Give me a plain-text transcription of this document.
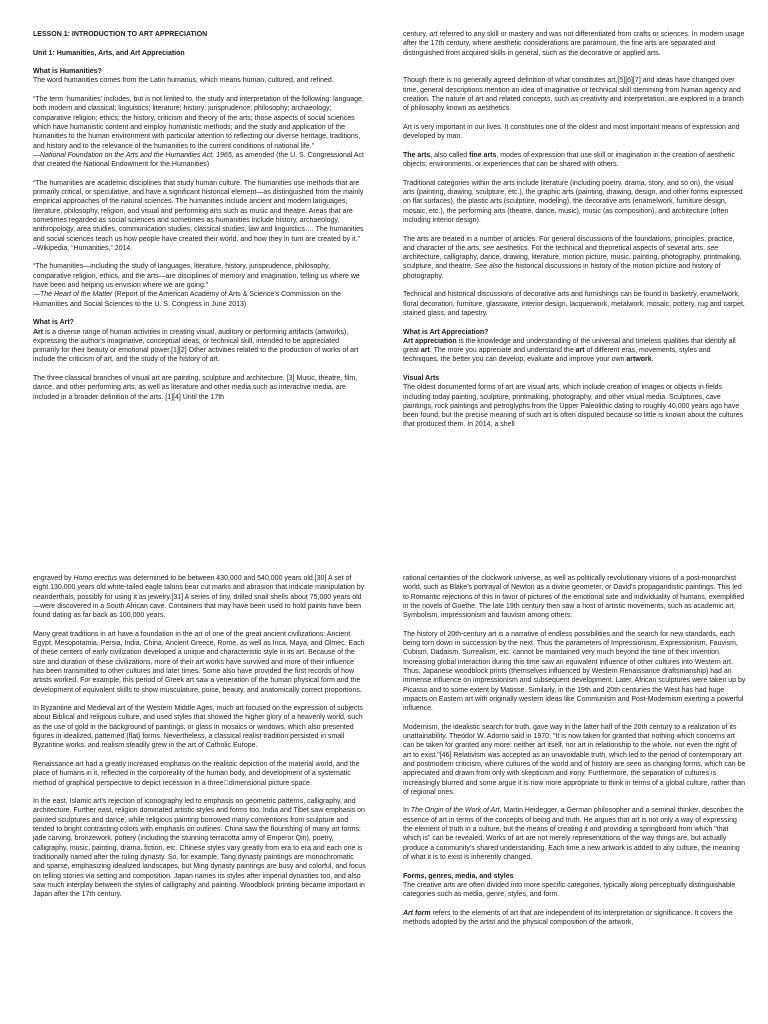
LESSON 1: INTRODUCTION TO ART APPRECIATION
Unit 1: Humanities, Arts, and Art Appreciation
What is Humanities?

The word humanities comes from the Latin humanus, which means human, cultured, and refined.

“The term ‘humanities’ includes, but is not limited to, the study and interpretation of the following: language, both modern and classical; linguistics; literature; history; jurisprudence; philosophy; archaeology; comparative religion; ethics; the history, criticism and theory of the arts; those aspects of social sciences which have humanistic content and employ humanistic methods; and the study and application of the humanities to the human environment with particular attention to reflecting our diverse heritage, traditions, and history and to the relevance of the humanities to the current conditions of national life.”
—National Foundation on the Arts and the Humanities Act, 1965, as amended (the U. S. Congressional Act that created the National Endowment for the Humanities)

“The humanities are academic disciplines that study human culture. The humanities use methods that are primarily critical, or speculative, and have a significant historical element—as distinguished from the mainly empirical approaches of the natural sciences. The humanities include ancient and modern languages, literature, philosophy, religion, and visual and performing arts such as music and theatre. Areas that are sometimes regarded as social sciences and sometimes as humanities include history, archaeology, anthropology, area studies, communication studies, classical studies, law and linguistics…. The humanities and social sciences teach us how people have created their world, and how they in turn are created by it.”
–Wikipedia, “Humanities,” 2014.

“The humanities—including the study of languages, literature, history, jurisprudence, philosophy, comparative religion, ethics, and the arts—are disciplines of memory and imagination, telling us where we have been and helping us envision where we are going.”
—The Heart of the Matter (Report of the American Academy of Arts & Science’s Commission on the Humanities and Social Sciences to the U. S. Congress in June 2013)

What is Art?

Art is a diverse range of human activities in creating visual, auditory or performing artifacts (artworks), expressing the author's imaginative, conceptual ideas, or technical skill, intended to be appreciated primarily for their beauty or emotional power.[1][2] Other activities related to the production of works of art include the criticism of art, and the study of the history of art.

The three classical branches of visual art are painting, sculpture and architecture. [3] Music, theatre, film, dance, and other performing arts, as well as literature and other media such as interactive media, are included in a broader definition of the arts. [1][4] Until the 17th

century, art referred to any skill or mastery and was not differentiated from crafts or sciences. In modern usage after the 17th century, where aesthetic considerations are paramount, the fine arts are separated and distinguished from acquired skills in general, such as the decorative or applied arts.

Though there is no generally agreed definition of what constitutes art,[5][6][7] and ideas have changed over time, general descriptions mention an idea of imaginative or technical skill stemming from human agency and creation. The nature of art and related concepts, such as creativity and interpretation, are explored in a branch of philosophy known as aesthetics.

Art is very important in our lives. It constitutes one of the oldest and most important means of expression and developed by man.

The arts, also called fine arts, modes of expression that use skill or imagination in the creation of aesthetic objects, environments, or experiences that can be shared with others.

Traditional categories within the arts include literature (including poetry, drama, story, and so on), the visual arts (painting, drawing, sculpture, etc.), the graphic arts (painting, drawing, design, and other forms expressed on flat surfaces), the plastic arts (sculpture, modeling), the decorative arts (enamelwork, furniture design, mosaic, etc.), the performing arts (theatre, dance, music), music (as composition), and architecture (often including interior design).

The arts are treated in a number of articles. For general discussions of the foundations, principles, practice, and character of the arts, see aesthetics. For the technical and theoretical aspects of several arts, see architecture, calligraphy, dance, drawing, literature, motion picture, music, painting, photography, printmaking, sculpture, and theatre. See also the historical discussions in history of the motion picture and history of photography.

Technical and historical discussions of decorative arts and furnishings can be found in basketry, enamelwork, floral decoration, furniture, glassware, interior design, lacquerwork, metalwork, mosaic, pottery, rug and carpet, stained glass, and tapestry.

What is Art Appreciation?

Art appreciation is the knowledge and understanding of the universal and timeless qualities that identify all great art. The more you appreciate and understand the art of different eras, movements, styles and techniques, the better you can develop, evaluate and improve your own artwork.

Visual Arts

The oldest documented forms of art are visual arts, which include creation of images or objects in fields including today painting, sculpture, printmaking, photography, and other visual media. Sculptures, cave paintings, rock paintings and petroglyphs from the Upper Paleolithic dating to roughly 40,000 years ago have been found, but the precise meaning of such art is often disputed because so little is known about the cultures that produced them. In 2014, a shell

engraved by Homo erectus was determined to be between 430,000 and 540,000 years old.[30] A set of eight 130,000 years old white-tailed eagle talons bear cut marks and abrasion that indicate manipulation by neanderthals, possibly for using it as jewelry.[31] A series of tiny, drilled snail shells about 75,000 years old—were discovered in a South African cave. Containers that may have been used to hold paints have been found dating as far back as 100,000 years.

Many great traditions in art have a foundation in the art of one of the great ancient civilizations: Ancient Egypt, Mesopotamia, Persia, India, China, Ancient Greece, Rome, as well as Inca, Maya, and Olmec. Each of these centers of early civilization developed a unique and characteristic style in its art. Because of the size and duration of these civilizations, more of their art works have survived and more of their influence has been transmitted to other cultures and later times. Some also have provided the first records of how artists worked. For example, this period of Greek art saw a veneration of the human physical form and the development of equivalent skills to show musculature, poise, beauty, and anatomically correct proportions.

In Byzantine and Medieval art of the Western Middle Ages, much art focused on the expression of subjects about Biblical and religious culture, and used styles that showed the higher glory of a heavenly world, such as the use of gold in the background of paintings, or glass in mosaics or windows, which also presented figures in idealized, patterned (flat) forms. Nevertheless, a classical realist tradition persisted in small Byzantine works, and realism steadily grew in the art of Catholic Europe.

Renaissance art had a greatly increased emphasis on the realistic depiction of the material world, and the place of humans in it, reflected in the corporeality of the human body, and development of a systematic method of graphical perspective to depict recession in a three￾dimensional picture space.

In the east, Islamic art's rejection of iconography led to emphasis on geometric patterns, calligraphy, and architecture. Further east, religion dominated artistic styles and forms too. India and Tibet saw emphasis on painted sculptures and dance, while religious painting borrowed many conventions from sculpture and tended to bright contrasting colors with emphasis on outlines. China saw the flourishing of many art forms: jade carving, bronzework, pottery (including the stunning terracotta army of Emperor Qin), poetry, calligraphy, music, painting, drama, fiction, etc. Chinese styles vary greatly from era to era and each one is traditionally named after the ruling dynasty. So, for example, Tang dynasty paintings are monochromatic and sparse, emphasizing idealized landscapes, but Ming dynasty paintings are busy and colorful, and focus on telling stories via setting and composition. Japan names its styles after imperial dynasties too, and also saw much interplay between the styles of calligraphy and painting. Woodblock printing became important in Japan after the 17th century.

rational certainties of the clockwork universe, as well as politically revolutionary visions of a post-monarchist world, such as Blake's portrayal of Newton as a divine geometer, or David's propagandistic paintings. This led to Romantic rejections of this in favor of pictures of the emotional side and individuality of humans, exemplified in the novels of Goethe. The late 19th century then saw a host of artistic movements, such as academic art, Symbolism, impressionism and fauvism among others.

The history of 20th-century art is a narrative of endless possibilities and the search for new standards, each being torn down in succession by the next. Thus the parameters of Impressionism, Expressionism, Fauvism, Cubism, Dadaism, Surrealism, etc. cannot be maintained very much beyond the time of their invention. Increasing global interaction during this time saw an equivalent influence of other cultures into Western art. Thus, Japanese woodblock prints (themselves influenced by Western Renaissance draftsmanship) had an immense influence on impressionism and subsequent development. Later, African sculptures were taken up by Picasso and to some extent by Matisse. Similarly, in the 19th and 20th centuries the West has had huge impacts on Eastern art with originally western ideas like Communism and Post-Modernism exerting a powerful influence.

Modernism, the idealistic search for truth, gave way in the latter half of the 20th century to a realization of its unattainability. Theodor W. Adorno said in 1970, "It is now taken for granted that nothing which concerns art can be taken for granted any more: neither art itself, nor art in relationship to the whole, nor even the right of art to exist."[46] Relativism was accepted as an unavoidable truth, which led to the period of contemporary art and postmodern criticism, where cultures of the world and of history are seen as changing forms, which can be appreciated and drawn from only with skepticism and irony. Furthermore, the separation of cultures is increasingly blurred and some argue it is now more appropriate to think in terms of a global culture, rather than of regional ones.

In The Origin of the Work of Art, Martin Heidegger, a German philosopher and a seminal thinker, describes the essence of art in terms of the concepts of being and truth. He argues that art is not only a way of expressing the element of truth in a culture, but the means of creating it and providing a springboard from which "that which is" can be revealed. Works of art are not merely representations of the way things are, but actually produce a community's shared understanding. Each time a new artwork is added to any culture, the meaning of what it is to exist is inherently changed.

Forms, genres, media, and styles

The creative arts are often divided into more specific categories, typically along perceptually distinguishable categories such as media, genre, styles, and form.

Art form refers to the elements of art that are independent of its interpretation or significance. It covers the methods adopted by the artist and the physical composition of the artwork,
